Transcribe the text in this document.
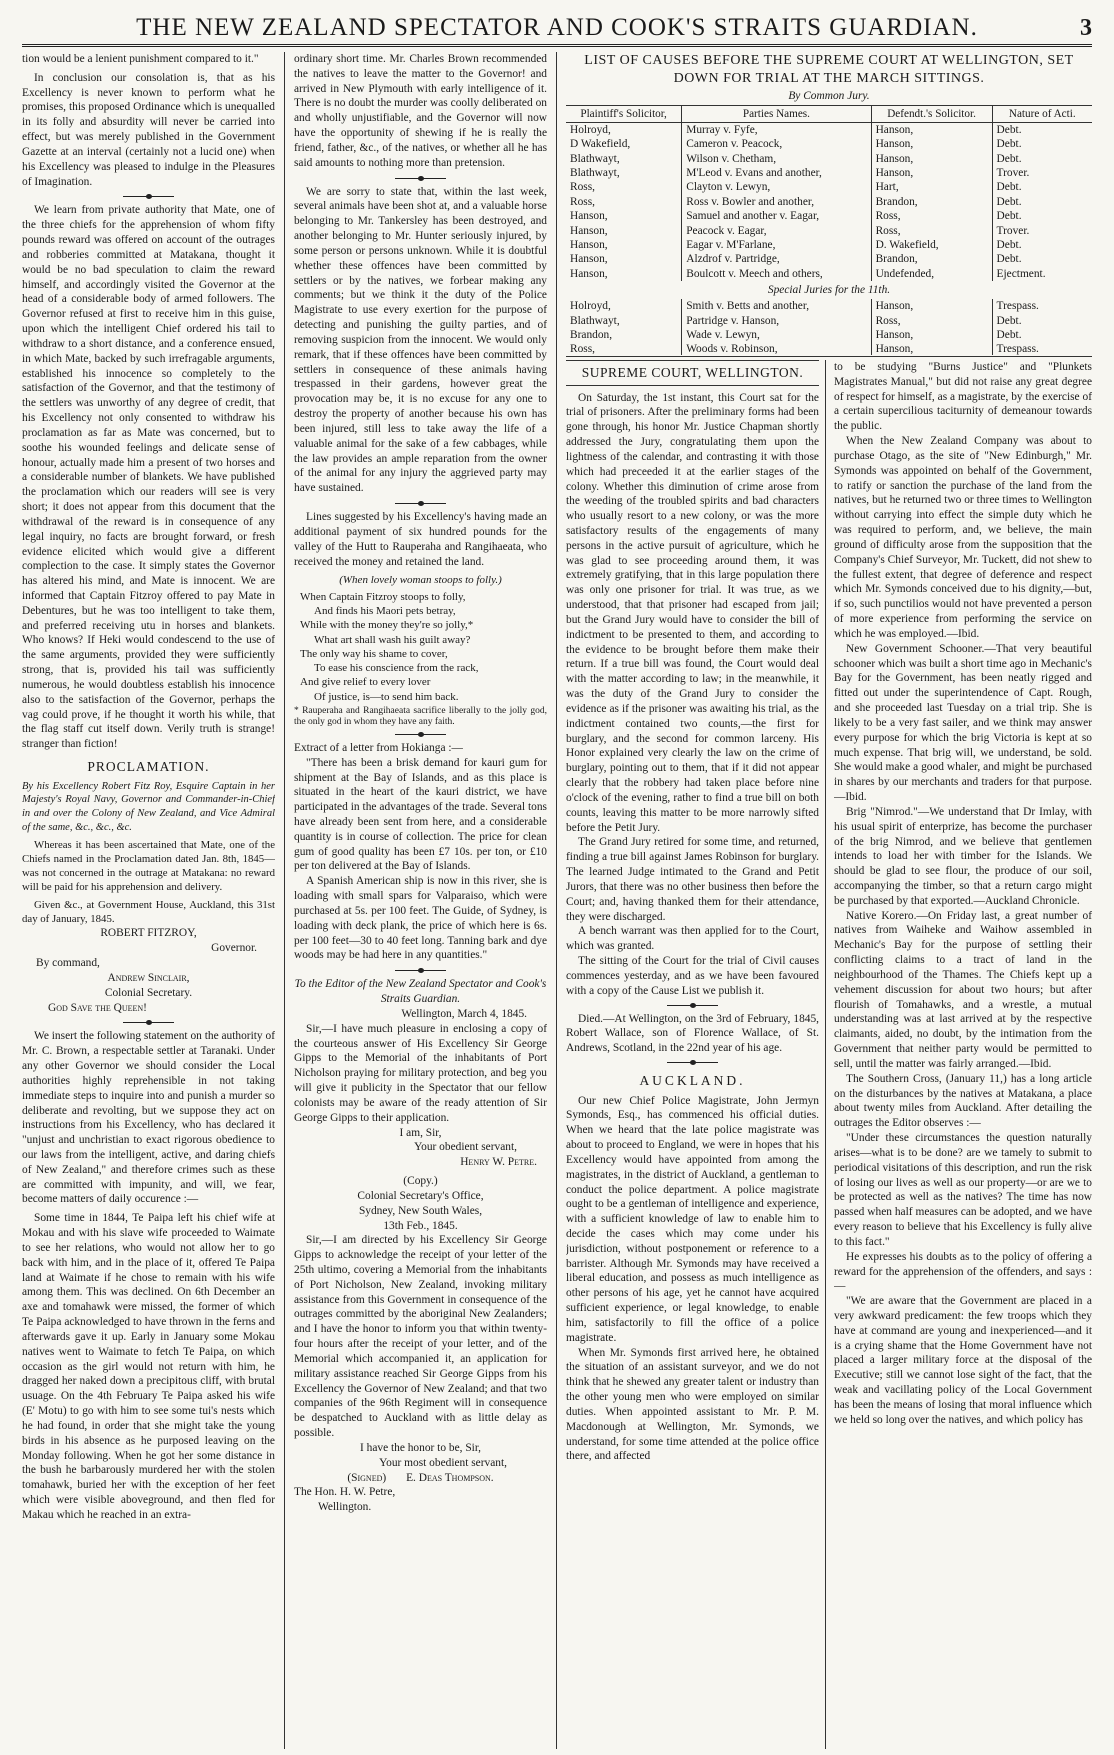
THE NEW ZEALAND SPECTATOR AND COOK'S STRAITS GUARDIAN.	3

tion would be a lenient punishment compared to it."

In conclusion our consolation is, that as his Excellency is never known to perform what he promises, this proposed Ordinance which is unequalled in its folly and absurdity will never be carried into effect, but was merely published in the Government Gazette at an interval (certainly not a lucid one) when his Excellency was pleased to indulge in the Pleasures of Imagination.

We learn from private authority that Mate, one of the three chiefs for the apprehension of whom fifty pounds reward was offered on account of the outrages and robberies committed at Matakana, thought it would be no bad speculation to claim the reward himself, and accordingly visited the Governor at the head of a considerable body of armed followers. The Governor refused at first to receive him in this guise, upon which the intelligent Chief ordered his tail to withdraw to a short distance, and a conference ensued, in which Mate, backed by such irrefragable arguments, established his innocence so completely to the satisfaction of the Governor, and that the testimony of the settlers was unworthy of any degree of credit, that his Excellency not only consented to withdraw his proclamation as far as Mate was concerned, but to soothe his wounded feelings and delicate sense of honour, actually made him a present of two horses and a considerable number of blankets. We have published the proclamation which our readers will see is very short; it does not appear from this document that the withdrawal of the reward is in consequence of any legal inquiry, no facts are brought forward, or fresh evidence elicited which would give a different complection to the case. It simply states the Governor has altered his mind, and Mate is innocent. We are informed that Captain Fitzroy offered to pay Mate in Debentures, but he was too intelligent to take them, and preferred receiving utu in horses and blankets. Who knows? If Heki would condescend to the use of the same arguments, provided they were sufficiently strong, that is, provided his tail was sufficiently numerous, he would doubtless establish his innocence also to the satisfaction of the Governor, perhaps the vag could prove, if he thought it worth his while, that the flag staff cut itself down. Verily truth is strange! stranger than fiction!

PROCLAMATION.

By his Excellency Robert Fitz Roy, Esquire Captain in her Majesty's Royal Navy, Governor and Commander-in-Chief in and over the Colony of New Zealand, and Vice Admiral of the same, &c., &c., &c.

Whereas it has been ascertained that Mate, one of the Chiefs named in the Proclamation dated Jan. 8th, 1845—was not concerned in the outrage at Matakana: no reward will be paid for his apprehension and delivery.

Given &c., at Government House, Auckland, this 31st day of January, 1845.

ROBERT FITZROY,

Governor.

By command,

Andrew Sinclair,

Colonial Secretary.

God Save the Queen!

We insert the following statement on the authority of Mr. C. Brown, a respectable settler at Taranaki. Under any other Governor we should consider the Local authorities highly reprehensible in not taking immediate steps to inquire into and punish a murder so deliberate and revolting, but we suppose they act on instructions from his Excellency, who has declared it "unjust and unchristian to exact rigorous obedience to our laws from the intelligent, active, and daring chiefs of New Zealand," and therefore crimes such as these are committed with impunity, and will, we fear, become matters of daily occurence :—

Some time in 1844, Te Paipa left his chief wife at Mokau and with his slave wife proceeded to Waimate to see her relations, who would not allow her to go back with him, and in the place of it, offered Te Paipa land at Waimate if he chose to remain with his wife among them. This was declined. On 6th December an axe and tomahawk were missed, the former of which Te Paipa acknowledged to have thrown in the ferns and afterwards gave it up. Early in January some Mokau natives went to Waimate to fetch Te Paipa, on which occasion as the girl would not return with him, he dragged her naked down a precipitous cliff, with brutal usuage. On the 4th February Te Paipa asked his wife (E' Motu) to go with him to see some tui's nests which he had found, in order that she might take the young birds in his absence as he purposed leaving on the Monday following. When he got her some distance in the bush he barbarously murdered her with the stolen tomahawk, buried her with the exception of her feet which were visible aboveground, and then fled for Makau which he reached in an extra-

ordinary short time. Mr. Charles Brown recommended the natives to leave the matter to the Governor! and arrived in New Plymouth with early intelligence of it. There is no doubt the murder was coolly deliberated on and wholly unjustifiable, and the Governor will now have the opportunity of shewing if he is really the friend, father, &c., of the natives, or whether all he has said amounts to nothing more than pretension.

We are sorry to state that, within the last week, several animals have been shot at, and a valuable horse belonging to Mr. Tankersley has been destroyed, and another belonging to Mr. Hunter seriously injured, by some person or persons unknown. While it is doubtful whether these offences have been committed by settlers or by the natives, we forbear making any comments; but we think it the duty of the Police Magistrate to use every exertion for the purpose of detecting and punishing the guilty parties, and of removing suspicion from the innocent. We would only remark, that if these offences have been committed by settlers in consequence of these animals having trespassed in their gardens, however great the provocation may be, it is no excuse for any one to destroy the property of another because his own has been injured, still less to take away the life of a valuable animal for the sake of a few cabbages, while the law provides an ample reparation from the owner of the animal for any injury the aggrieved party may have sustained.

Lines suggested by his Excellency's having made an additional payment of six hundred pounds for the valley of the Hutt to Rauperaha and Rangihaeata, who received the money and retained the land.

(When lovely woman stoops to folly.)

When Captain Fitzroy stoops to folly,
And finds his Maori pets betray,
While with the money they're so jolly,*
What art shall wash his guilt away?
The only way his shame to cover,
To ease his conscience from the rack,
And give relief to every lover
Of justice, is—to send him back.
* Rauperaha and Rangihaeata sacrifice liberally to the jolly god, the only god in whom they have any faith.

Extract of a letter from Hokianga :—

"There has been a brisk demand for kauri gum for shipment at the Bay of Islands, and as this place is situated in the heart of the kauri district, we have participated in the advantages of the trade. Several tons have already been sent from here, and a considerable quantity is in course of collection. The price for clean gum of good quality has been £7 10s. per ton, or £10 per ton delivered at the Bay of Islands.

A Spanish American ship is now in this river, she is loading with small spars for Valparaiso, which were purchased at 5s. per 100 feet. The Guide, of Sydney, is loading with deck plank, the price of which here is 6s. per 100 feet—30 to 40 feet long. Tanning bark and dye woods may be had here in any quantities."

To the Editor of the New Zealand Spectator and Cook's Straits Guardian.

Wellington, March 4, 1845.

Sir,—I have much pleasure in enclosing a copy of the courteous answer of His Excellency Sir George Gipps to the Memorial of the inhabitants of Port Nicholson praying for military protection, and beg you will give it publicity in the Spectator that our fellow colonists may be aware of the ready attention of Sir George Gipps to their application.

I am, Sir,

Your obedient servant,

Henry W. Petre.

(Copy.)

Colonial Secretary's Office,

Sydney, New South Wales,

13th Feb., 1845.

Sir,—I am directed by his Excellency Sir George Gipps to acknowledge the receipt of your letter of the 25th ultimo, covering a Memorial from the inhabitants of Port Nicholson, New Zealand, invoking military assistance from this Government in consequence of the outrages committed by the aboriginal New Zealanders; and I have the honor to inform you that within twenty-four hours after the receipt of your letter, and of the Memorial which accompanied it, an application for military assistance reached Sir George Gipps from his Excellency the Governor of New Zealand; and that two companies of the 96th Regiment will in consequence be despatched to Auckland with as little delay as possible.

I have the honor to be, Sir,

Your most obedient servant,

(Signed)       E. Deas Thompson.

The Hon. H. W. Petre,

Wellington.

LIST OF CAUSES BEFORE THE SUPREME COURT AT WELLINGTON, SET DOWN FOR TRIAL AT THE MARCH SITTINGS.
By Common Jury.
Plaintiff's Solicitor,	Parties Names.	Defendt.'s Solicitor.	Nature of Acti.
Holroyd,	Murray v. Fyfe,	Hanson,	Debt.
D Wakefield,	Cameron v. Peacock,	Hanson,	Debt.
Blathwayt,	Wilson v. Chetham,	Hanson,	Debt.
Blathwayt,	M'Leod v. Evans and another,	Hanson,	Trover.
Ross,	Clayton v. Lewyn,	Hart,	Debt.
Ross,	Ross v. Bowler and another,	Brandon,	Debt.
Hanson,	Samuel and another v. Eagar,	Ross,	Debt.
Hanson,	Peacock v. Eagar,	Ross,	Trover.
Hanson,	Eagar v. M'Farlane,	D. Wakefield,	Debt.
Hanson,	Alzdrof v. Partridge,	Brandon,	Debt.
Hanson,	Boulcott v. Meech and others,	Undefended,	Ejectment.
Special Juries for the 11th.			
Holroyd,	Smith v. Betts and another,	Hanson,	Trespass.
Blathwayt,	Partridge v. Hanson,	Ross,	Debt.
Brandon,	Wade v. Lewyn,	Hanson,	Debt.
Ross,	Woods v. Robinson,	Hanson,	Trespass.

SUPREME COURT, WELLINGTON.

On Saturday, the 1st instant, this Court sat for the trial of prisoners. After the preliminary forms had been gone through, his honor Mr. Justice Chapman shortly addressed the Jury, congratulating them upon the lightness of the calendar, and contrasting it with those which had preceeded it at the earlier stages of the colony. Whether this diminution of crime arose from the weeding of the troubled spirits and bad characters who usually resort to a new colony, or was the more satisfactory results of the engagements of many persons in the active pursuit of agriculture, which he was glad to see proceeding around them, it was extremely gratifying, that in this large population there was only one prisoner for trial. It was true, as we understood, that that prisoner had escaped from jail; but the Grand Jury would have to consider the bill of indictment to be presented to them, and according to the evidence to be brought before them make their return. If a true bill was found, the Court would deal with the matter according to law; in the meanwhile, it was the duty of the Grand Jury to consider the evidence as if the prisoner was awaiting his trial, as the indictment contained two counts,—the first for burglary, and the second for common larceny. His Honor explained very clearly the law on the crime of burglary, pointing out to them, that if it did not appear clearly that the robbery had taken place before nine o'clock of the evening, rather to find a true bill on both counts, leaving this matter to be more narrowly sifted before the Petit Jury.

The Grand Jury retired for some time, and returned, finding a true bill against James Robinson for burglary. The learned Judge intimated to the Grand and Petit Jurors, that there was no other business then before the Court; and, having thanked them for their attendance, they were discharged.

A bench warrant was then applied for to the Court, which was granted.

The sitting of the Court for the trial of Civil causes commences yesterday, and as we have been favoured with a copy of the Cause List we publish it.

Died.—At Wellington, on the 3rd of February, 1845, Robert Wallace, son of Florence Wallace, of St. Andrews, Scotland, in the 22nd year of his age.

AUCKLAND.

Our new Chief Police Magistrate, John Jermyn Symonds, Esq., has commenced his official duties. When we heard that the late police magistrate was about to proceed to England, we were in hopes that his Excellency would have appointed from among the magistrates, in the district of Auckland, a gentleman to conduct the police department. A police magistrate ought to be a gentleman of intelligence and experience, with a sufficient knowledge of law to enable him to decide the cases which may come under his jurisdiction, without postponement or reference to a barrister. Although Mr. Symonds may have received a liberal education, and possess as much intelligence as other persons of his age, yet he cannot have acquired sufficient experience, or legal knowledge, to enable him, satisfactorily to fill the office of a police magistrate.

When Mr. Symonds first arrived here, he obtained the situation of an assistant surveyor, and we do not think that he shewed any greater talent or industry than the other young men who were employed on similar duties. When appointed assistant to Mr. P. M. Macdonough at Wellington, Mr. Symonds, we understand, for some time attended at the police office there, and affected

to be studying "Burns Justice" and "Plunkets Magistrates Manual," but did not raise any great degree of respect for himself, as a magistrate, by the exercise of a certain supercilious taciturnity of demeanour towards the public.

When the New Zealand Company was about to purchase Otago, as the site of "New Edinburgh," Mr. Symonds was appointed on behalf of the Government, to ratify or sanction the purchase of the land from the natives, but he returned two or three times to Wellington without carrying into effect the simple duty which he was required to perform, and, we believe, the main ground of difficulty arose from the supposition that the Company's Chief Surveyor, Mr. Tuckett, did not shew to the fullest extent, that degree of deference and respect which Mr. Symonds conceived due to his dignity,—but, if so, such punctilios would not have prevented a person of more experience from performing the service on which he was employed.—Ibid.

New Government Schooner.—That very beautiful schooner which was built a short time ago in Mechanic's Bay for the Government, has been neatly rigged and fitted out under the superintendence of Capt. Rough, and she proceeded last Tuesday on a trial trip. She is likely to be a very fast sailer, and we think may answer every purpose for which the brig Victoria is kept at so much expense. That brig will, we understand, be sold. She would make a good whaler, and might be purchased in shares by our merchants and traders for that purpose.—Ibid.

Brig "Nimrod."—We understand that Dr Imlay, with his usual spirit of enterprize, has become the purchaser of the brig Nimrod, and we believe that gentlemen intends to load her with timber for the Islands. We should be glad to see flour, the produce of our soil, accompanying the timber, so that a return cargo might be purchased by that exported.—Auckland Chronicle.

Native Korero.—On Friday last, a great number of natives from Waiheke and Waihow assembled in Mechanic's Bay for the purpose of settling their conflicting claims to a tract of land in the neighbourhood of the Thames. The Chiefs kept up a vehement discussion for about two hours; but after flourish of Tomahawks, and a wrestle, a mutual understanding was at last arrived at by the respective claimants, aided, no doubt, by the intimation from the Government that neither party would be permitted to sell, until the matter was fairly arranged.—Ibid.

The Southern Cross, (January 11,) has a long article on the disturbances by the natives at Matakana, a place about twenty miles from Auckland. After detailing the outrages the Editor observes :—

"Under these circumstances the question naturally arises—what is to be done? are we tamely to submit to periodical visitations of this description, and run the risk of losing our lives as well as our property—or are we to be protected as well as the natives? The time has now passed when half measures can be adopted, and we have every reason to believe that his Excellency is fully alive to this fact."

He expresses his doubts as to the policy of offering a reward for the apprehension of the offenders, and says :—

"We are aware that the Government are placed in a very awkward predicament: the few troops which they have at command are young and inexperienced—and it is a crying shame that the Home Government have not placed a larger military force at the disposal of the Executive; still we cannot lose sight of the fact, that the weak and vacillating policy of the Local Government has been the means of losing that moral influence which we held so long over the natives, and which policy has
